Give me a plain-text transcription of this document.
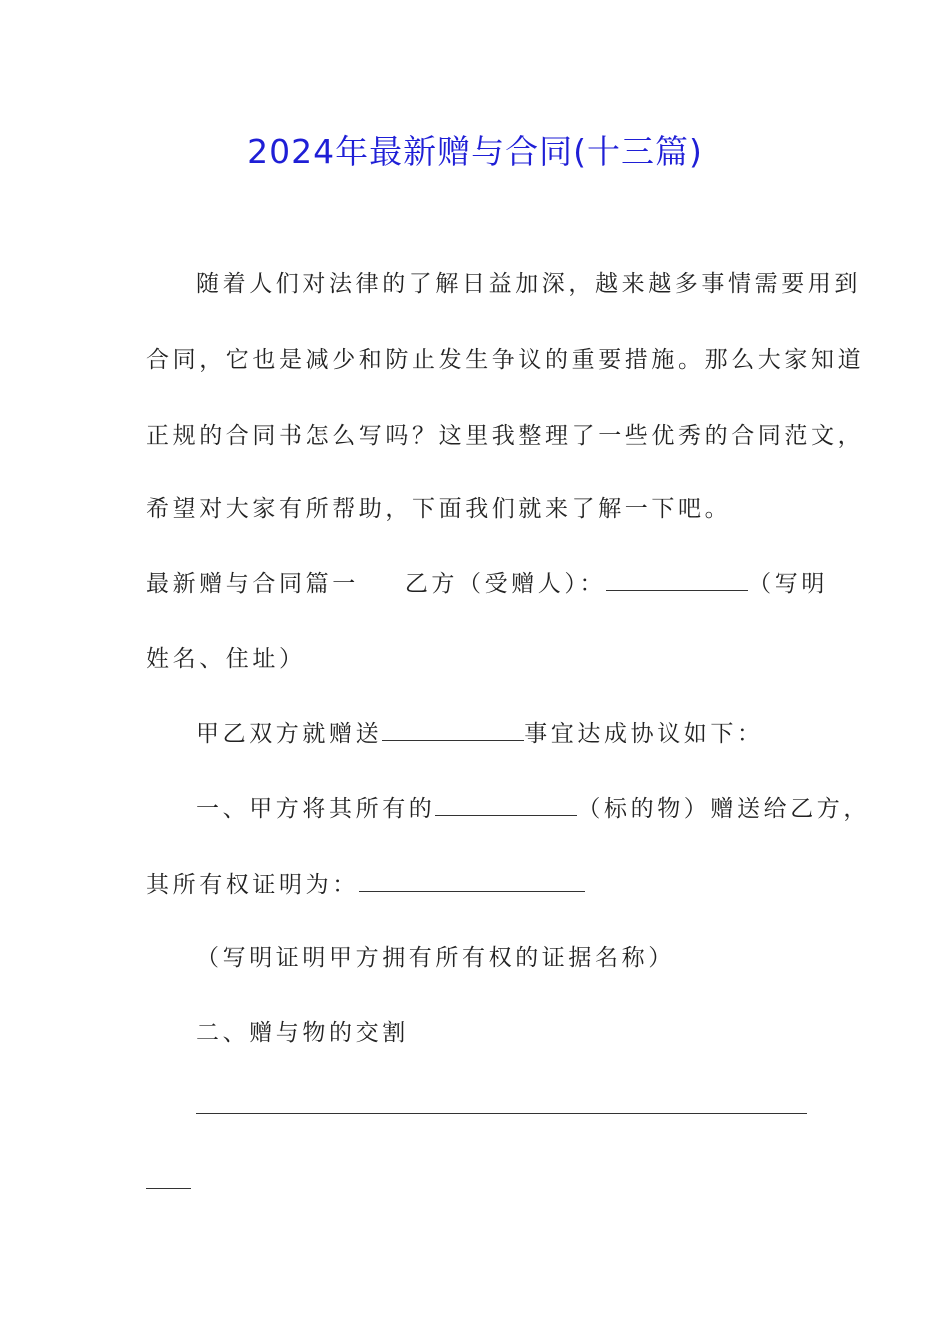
2024年最新赠与合同(十三篇)
随着人们对法律的了解日益加深，越来越多事情需要用到
合同，它也是减少和防止发生争议的重要措施。那么大家知道
正规的合同书怎么写吗？这里我整理了一些优秀的合同范文，
希望对大家有所帮助，下面我们就来了解一下吧。
最新赠与合同篇一 乙方（受赠人）：	（写明
姓名、住址）
甲乙双方就赠送	事宜达成协议如下：
一、甲方将其所有的	（标的物）赠送给乙方，
其所有权证明为：
（写明证明甲方拥有所有权的证据名称）
二、赠与物的交割
